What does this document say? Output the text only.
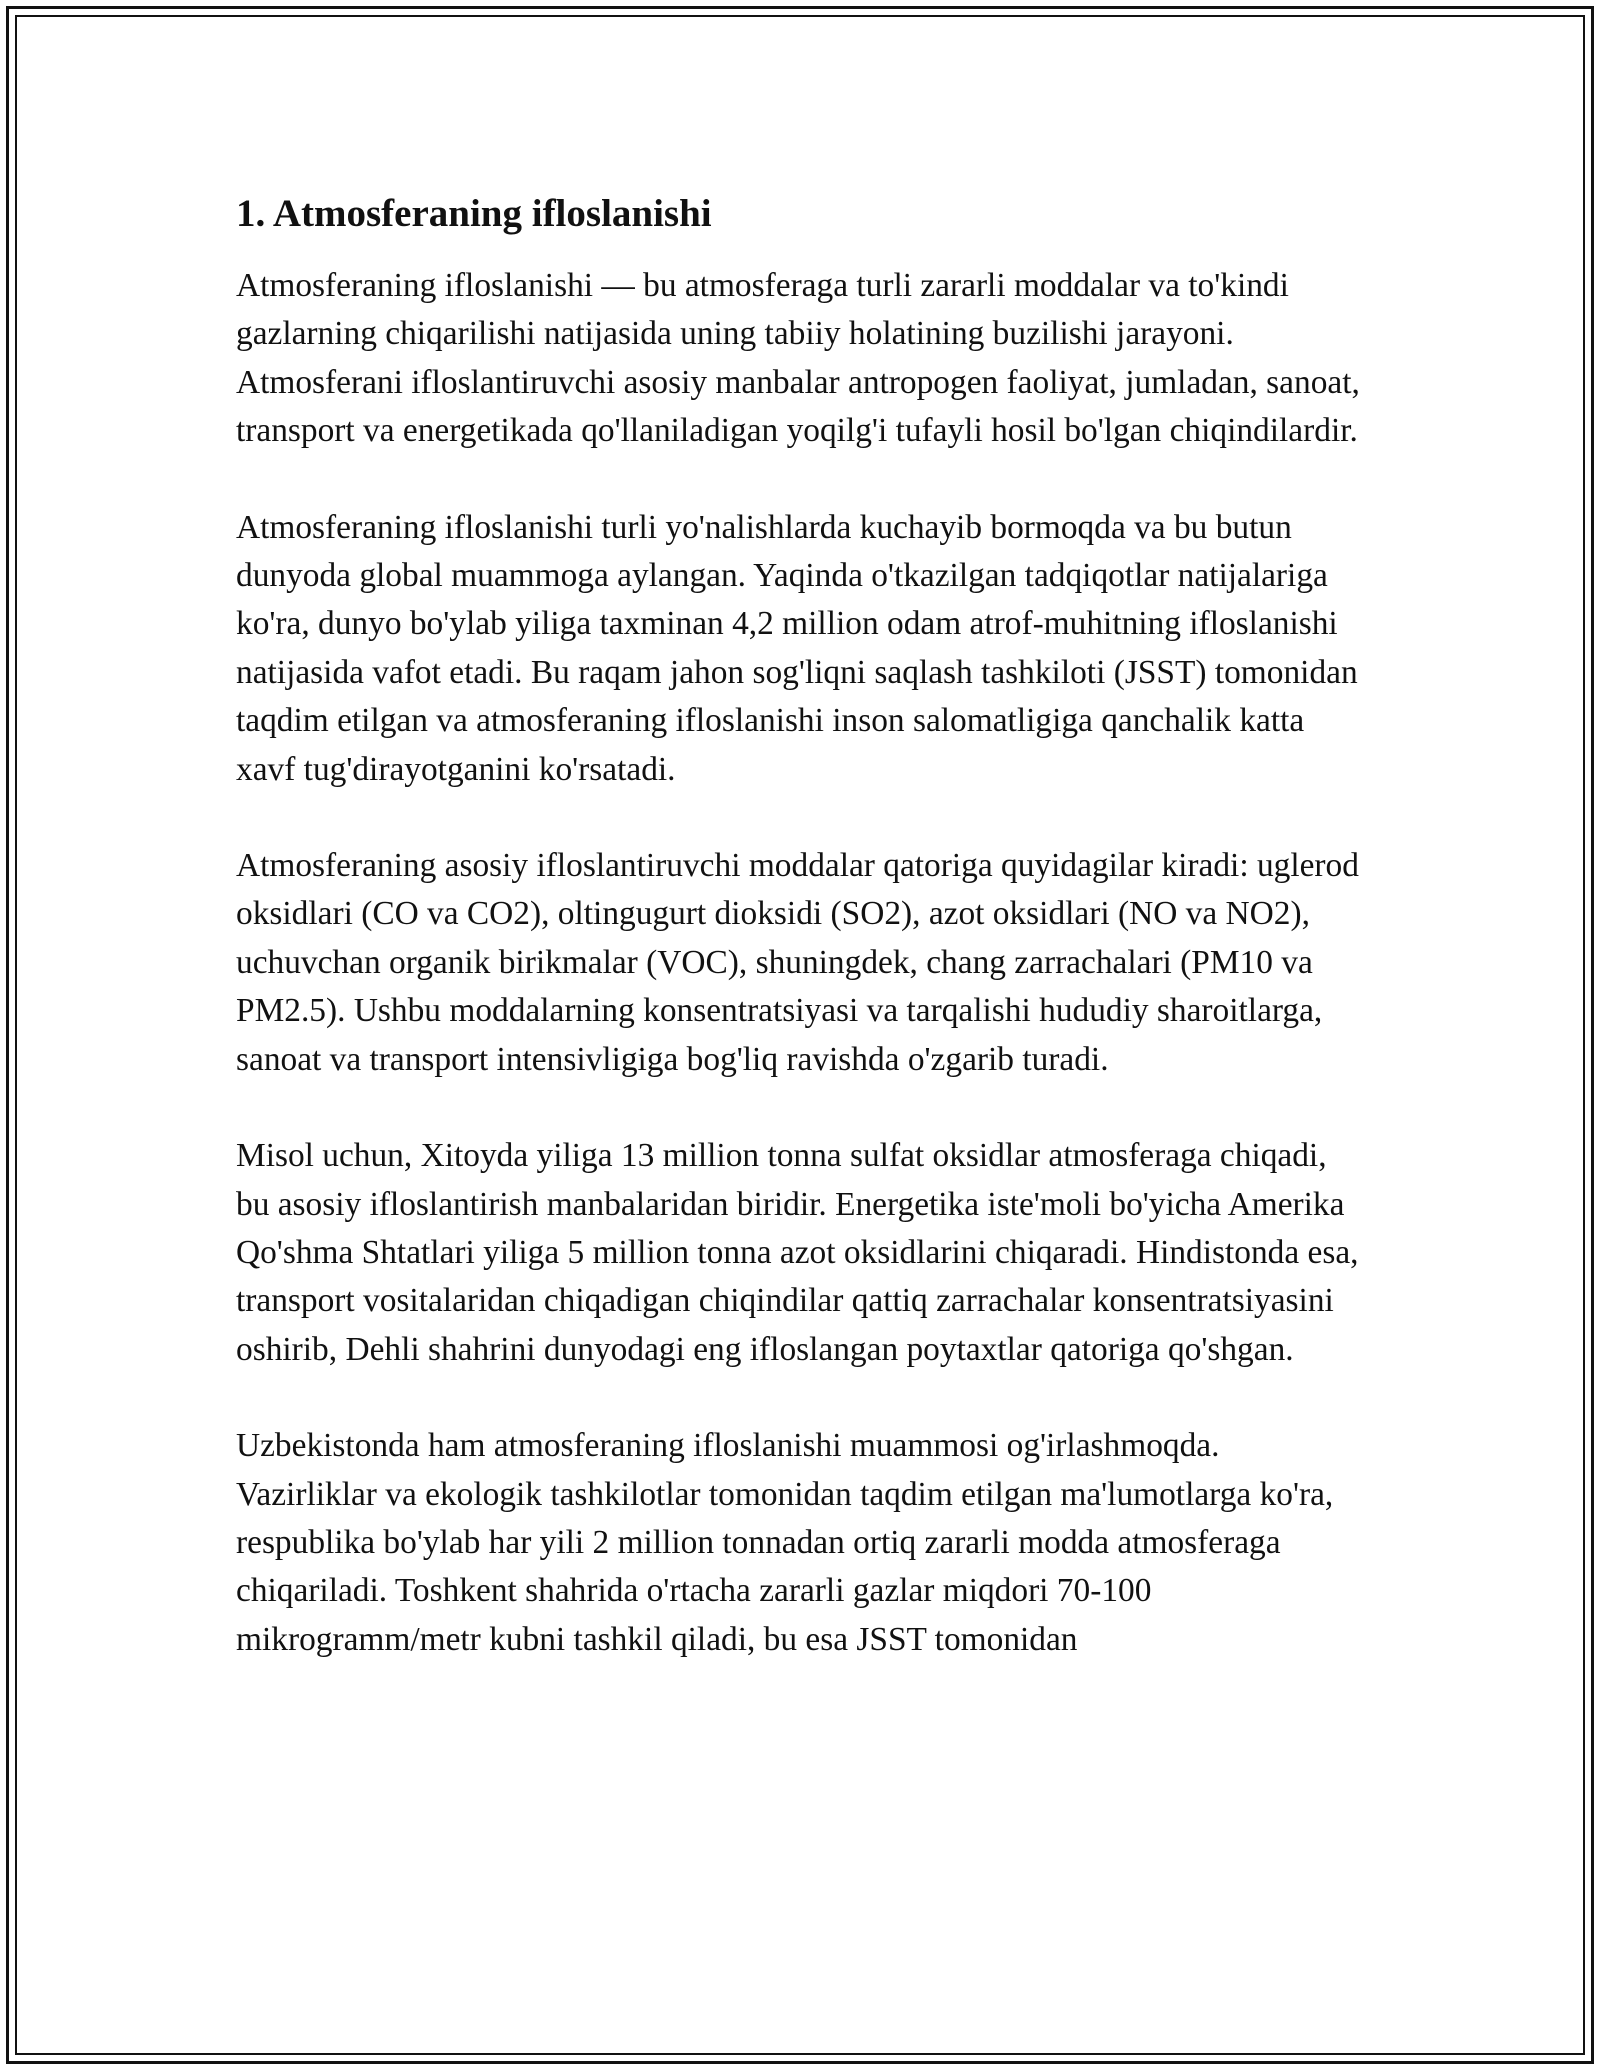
1. Atmosferaning ifloslanishi

Atmosferaning ifloslanishi — bu atmosferaga turli zararli moddalar va to'kindi gazlarning chiqarilishi natijasida uning tabiiy holatining buzilishi jarayoni. Atmosferani ifloslantiruvchi asosiy manbalar antropogen faoliyat, jumladan, sanoat, transport va energetikada qo'llaniladigan yoqilg'i tufayli hosil bo'lgan chiqindilardir.

Atmosferaning ifloslanishi turli yo'nalishlarda kuchayib bormoqda va bu butun dunyoda global muammoga aylangan. Yaqinda o'tkazilgan tadqiqotlar natijalariga ko'ra, dunyo bo'ylab yiliga taxminan 4,2 million odam atrof-muhitning ifloslanishi natijasida vafot etadi. Bu raqam jahon sog'liqni saqlash tashkiloti (JSST) tomonidan taqdim etilgan va atmosferaning ifloslanishi inson salomatligiga qanchalik katta xavf tug'dirayotganini ko'rsatadi.

Atmosferaning asosiy ifloslantiruvchi moddalar qatoriga quyidagilar kiradi: uglerod oksidlari (CO va CO2), oltingugurt dioksidi (SO2), azot oksidlari (NO va NO2), uchuvchan organik birikmalar (VOC), shuningdek, chang zarrachalari (PM10 va PM2.5). Ushbu moddalarning konsentratsiyasi va tarqalishi hududiy sharoitlarga, sanoat va transport intensivligiga bog'liq ravishda o'zgarib turadi.

Misol uchun, Xitoyda yiliga 13 million tonna sulfat oksidlar atmosferaga chiqadi, bu asosiy ifloslantirish manbalaridan biridir. Energetika iste'moli bo'yicha Amerika Qo'shma Shtatlari yiliga 5 million tonna azot oksidlarini chiqaradi. Hindistonda esa, transport vositalaridan chiqadigan chiqindilar qattiq zarrachalar konsentratsiyasini oshirib, Dehli shahrini dunyodagi eng ifloslangan poytaxtlar qatoriga qo'shgan.

Uzbekistonda ham atmosferaning ifloslanishi muammosi og'irlashmoqda. Vazirliklar va ekologik tashkilotlar tomonidan taqdim etilgan ma'lumotlarga ko'ra, respublika bo'ylab har yili 2 million tonnadan ortiq zararli modda atmosferaga chiqariladi. Toshkent shahrida o'rtacha zararli gazlar miqdori 70-100 mikrogramm/metr kubni tashkil qiladi, bu esa JSST tomonidan
